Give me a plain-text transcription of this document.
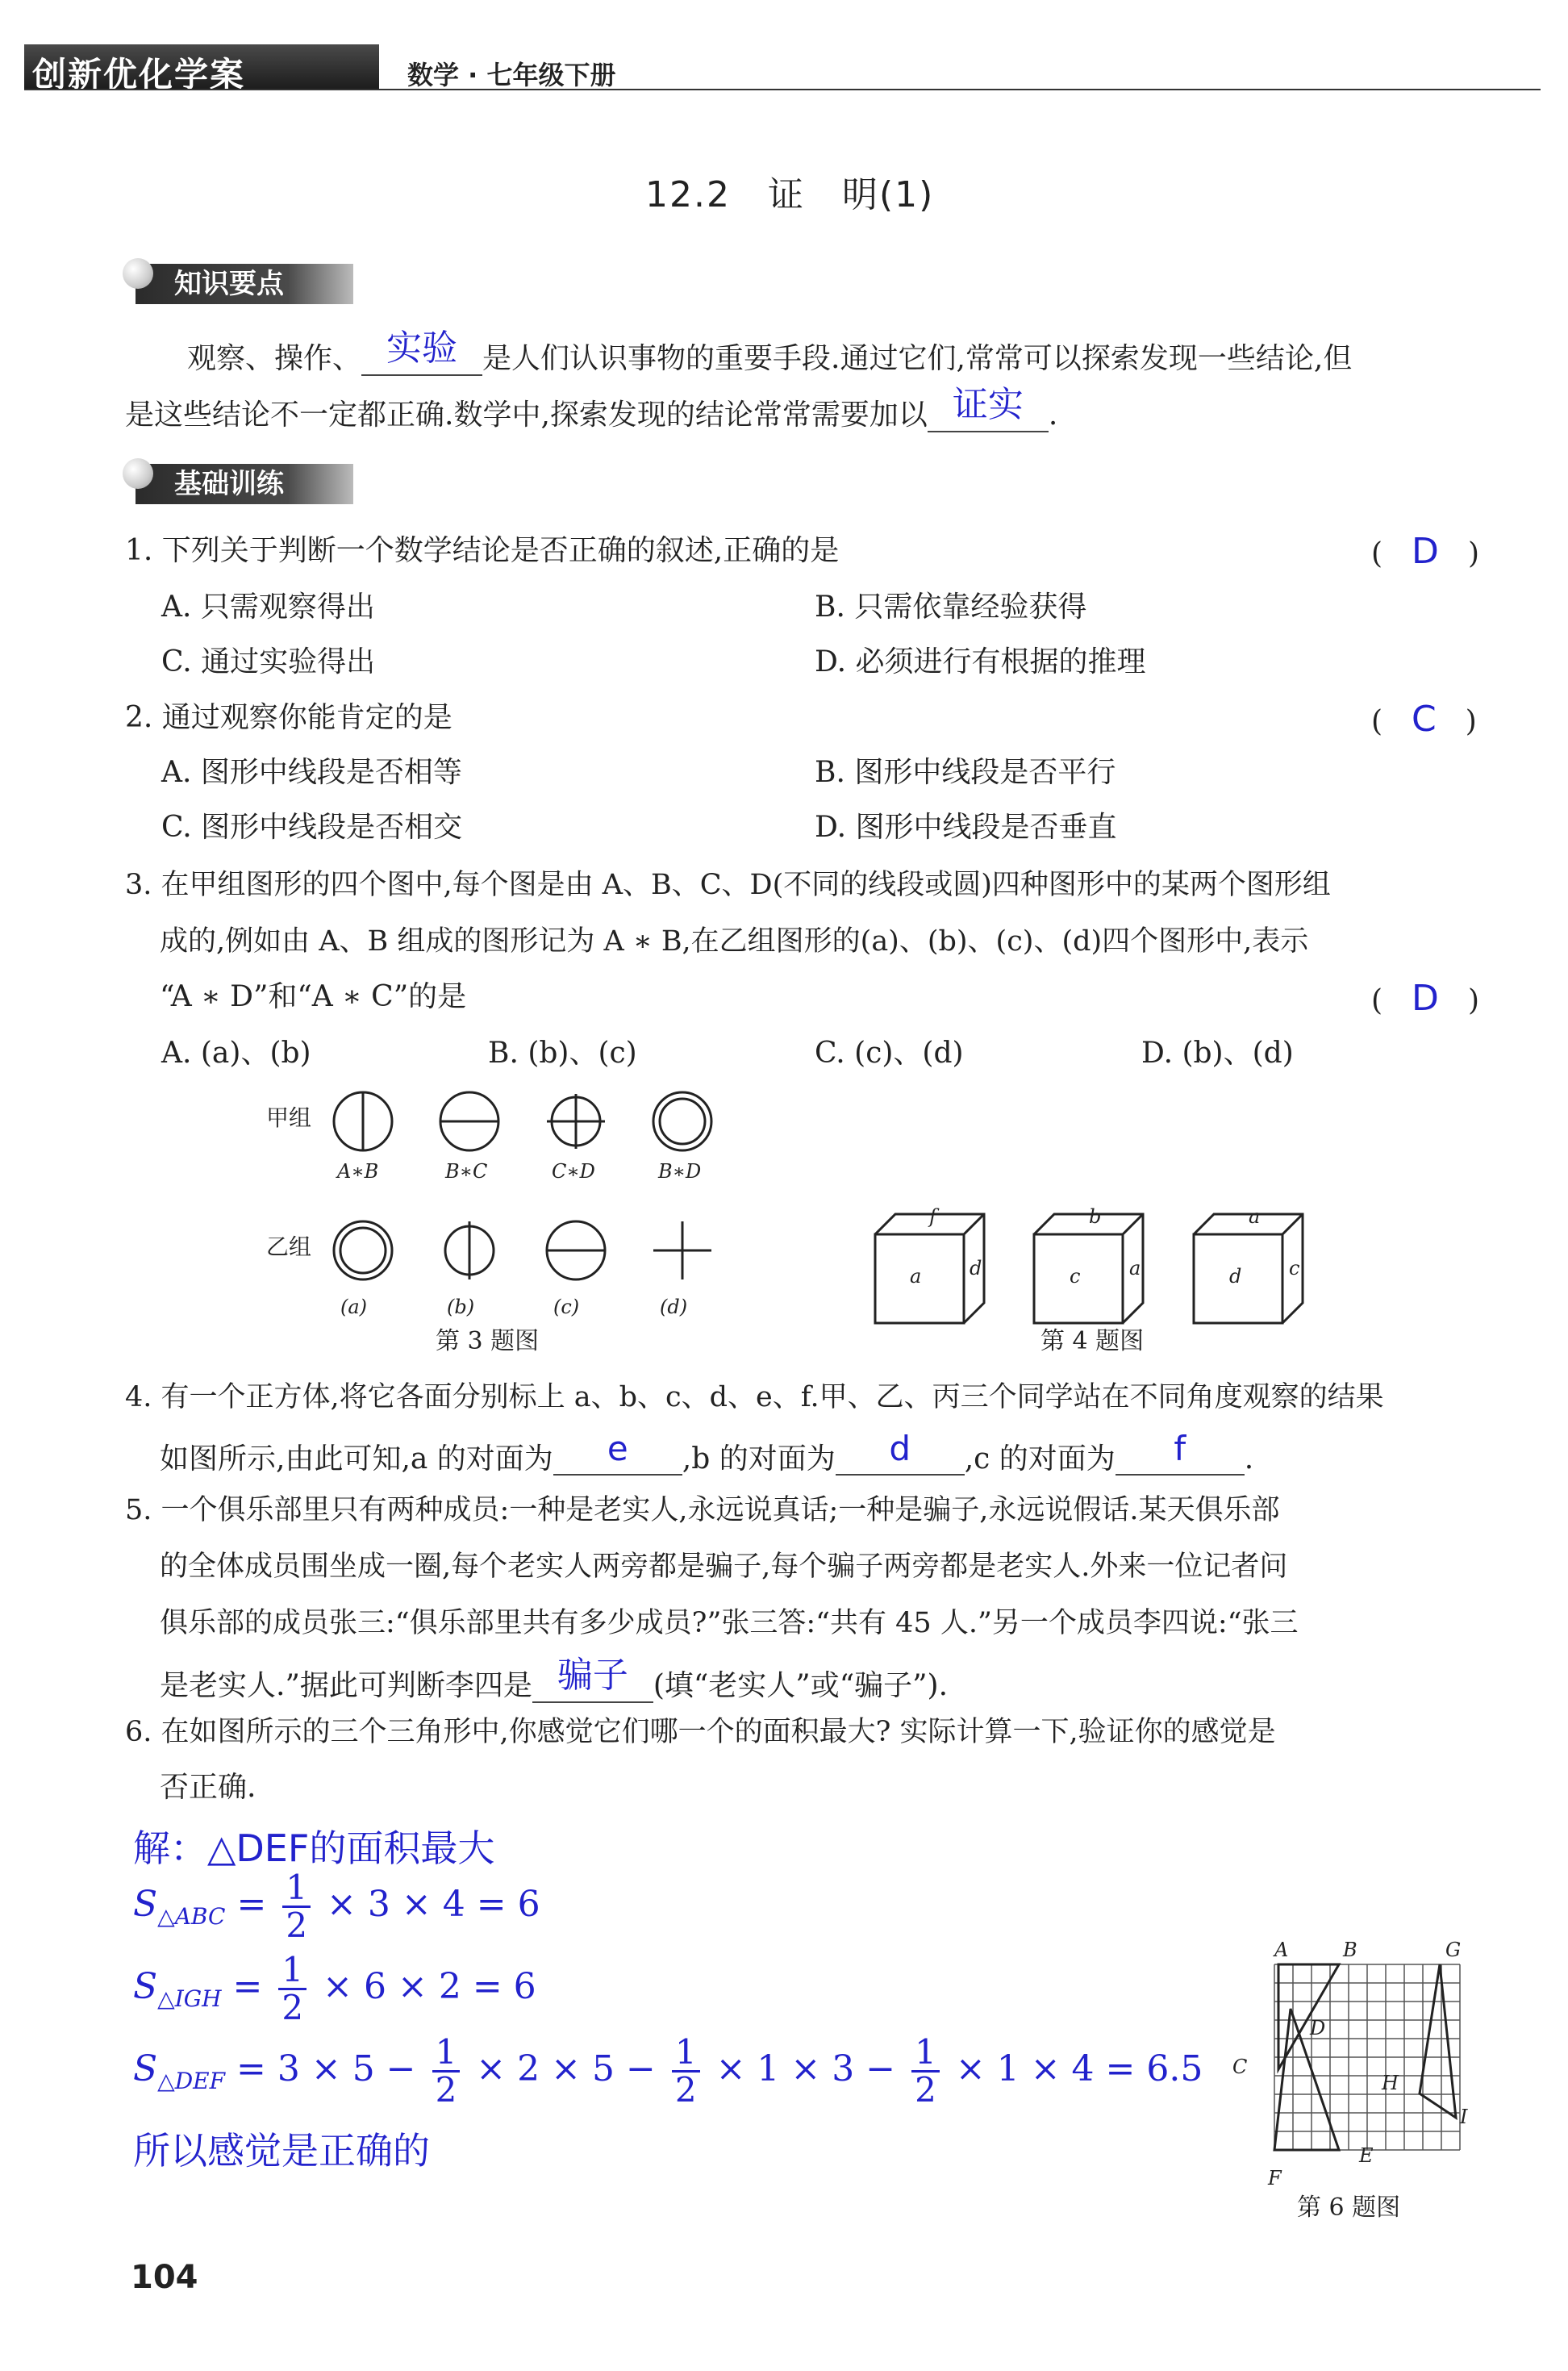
创新优化学案	数学 · 七年级下册
12.2　证　明(1)
知识要点
观察、操作、 实验 是人们认识事物的重要手段.通过它们,常常可以探索发现一些结论,但
是这些结论不一定都正确.数学中,探索发现的结论常常需要加以 证实 .
基础训练
1. 下列关于判断一个数学结论是否正确的叙述,正确的是	(　D　)
A. 只需观察得出	B. 只需依靠经验获得
C. 通过实验得出	D. 必须进行有根据的推理
2. 通过观察你能肯定的是	(　C　)
A. 图形中线段是否相等	B. 图形中线段是否平行
C. 图形中线段是否相交	D. 图形中线段是否垂直
3. 在甲组图形的四个图中,每个图是由 A、B、C、D(不同的线段或圆)四种图形中的某两个图形组
成的,例如由 A、B 组成的图形记为 A ∗ B,在乙组图形的(a)、(b)、(c)、(d)四个图形中,表示
“A ∗ D”和“A ∗ C”的是	(　D　)
A. (a)、(b)	B. (b)、(c)	C. (c)、(d)	D. (b)、(d)
甲组
乙组
A∗B	B∗C	C∗D	B∗D
(a)	(b)	(c)	(d)
第 3 题图
f
a d
b
c	a
a
d c
第 4 题图
4. 有一个正方体,将它各面分别标上 a、b、c、d、e、f.甲、乙、丙三个同学站在不同角度观察的结果
如图所示,由此可知,a 的对面为 e ,b 的对面为 d ,c 的对面为 f .
5. 一个俱乐部里只有两种成员:一种是老实人,永远说真话;一种是骗子,永远说假话.某天俱乐部
的全体成员围坐成一圈,每个老实人两旁都是骗子,每个骗子两旁都是老实人.外来一位记者问
俱乐部的成员张三:“俱乐部里共有多少成员?”张三答:“共有 45 人.”另一个成员李四说:“张三
是老实人.”据此可判断李四是 骗子 (填“老实人”或“骗子”).
6. 在如图所示的三个三角形中,你感觉它们哪一个的面积最大? 实际计算一下,验证你的感觉是
否正确.
解：△DEF的面积最大
$S_{\triangle ABC} = \frac{1}{2} \times 3 \times 4 = 6$
$S_{\triangle IGH} = \frac{1}{2} \times 6 \times 2 = 6$
$S_{\triangle DEF} = 3 \times 5 - \frac{1}{2} \times 2 \times 5 - \frac{1}{2} \times 1 \times 3 - \frac{1}{2} \times 1 \times 4 = 6.5$
所以感觉是正确的
A	B	G
C
D
H
I
F
E
第 6 题图
104
